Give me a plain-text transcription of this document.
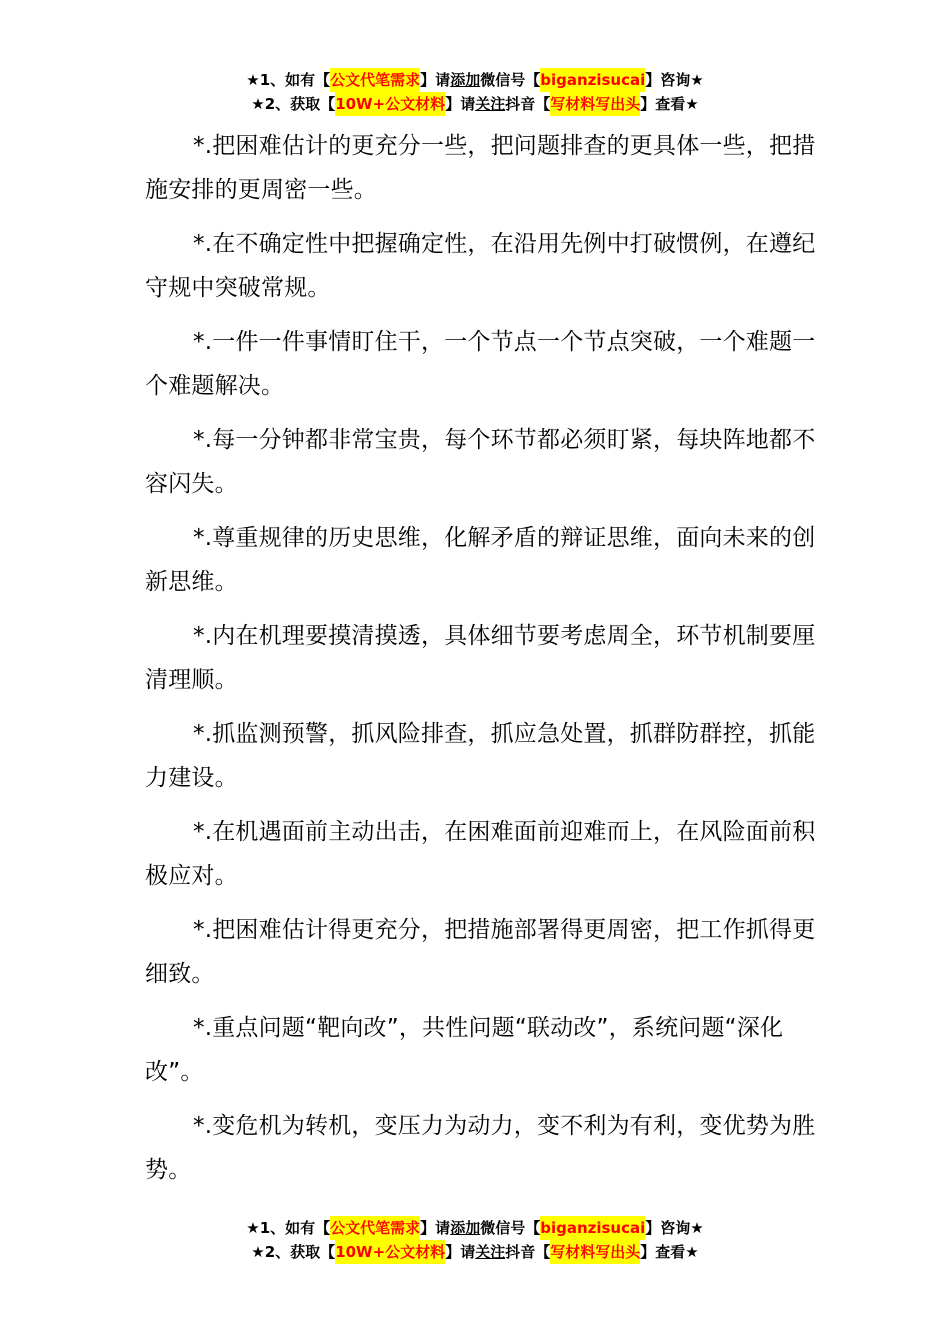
★1、如有【 公文代笔需求 】请 添加 微信号【 biganzisucai 】咨询★
★2、获取【 10W+公文材料 】请 关注 抖音【 写材料写出头 】查看★

*.把困难估计的更充分一些，把问题排查的更具体一些，把措施安排的更周密一些。

*.在不确定性中把握确定性，在沿用先例中打破惯例，在遵纪守规中突破常规。

*.一件一件事情盯住干，一个节点一个节点突破，一个难题一个难题解决。

*.每一分钟都非常宝贵，每个环节都必须盯紧，每块阵地都不容闪失。

*.尊重规律的历史思维，化解矛盾的辩证思维，面向未来的创新思维。

*.内在机理要摸清摸透，具体细节要考虑周全，环节机制要厘清理顺。

*.抓监测预警，抓风险排查，抓应急处置，抓群防群控，抓能力建设。

*.在机遇面前主动出击，在困难面前迎难而上，在风险面前积极应对。

*.把困难估计得更充分，把措施部署得更周密，把工作抓得更细致。

*.重点问题“靶向改”，共性问题“联动改”，系统问题“深化改”。

*.变危机为转机，变压力为动力，变不利为有利，变优势为胜势。

★1、如有【 公文代笔需求 】请 添加 微信号【 biganzisucai 】咨询★
★2、获取【 10W+公文材料 】请 关注 抖音【 写材料写出头 】查看★
